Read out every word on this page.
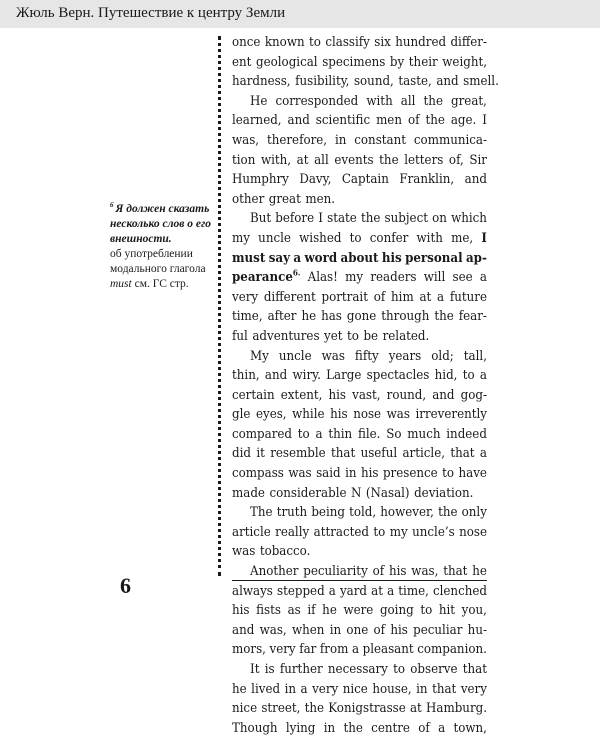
Жюль Верн. Путешествие к центру Земли
$^6$ Я должен сказать несколько слов о его внешности.
об употреблении модального глагола must см. ГС стр.
once known to classify six hundred differ-
ent geological specimens by their weight,
hardness, fusibility, sound, taste, and smell.
He corresponded with all the great,
learned, and scientific men of the age. I
was, therefore, in constant communica-
tion with, at all events the letters of, Sir
Humphry Davy, Captain Franklin, and
other great men.
But before I state the subject on which
my uncle wished to confer with me, I
must say a word about his personal ap-
pearance$^{6.}$ Alas! my readers will see a
very different portrait of him at a future
time, after he has gone through the fear-
ful adventures yet to be related.
My uncle was fifty years old; tall,
thin, and wiry. Large spectacles hid, to a
certain extent, his vast, round, and gog-
gle eyes, while his nose was irreverently
compared to a thin file. So much indeed
did it resemble that useful article, that a
compass was said in his presence to have
made considerable N (Nasal) deviation.
The truth being told, however, the only
article really attracted to my uncle’s nose
was tobacco.
Another peculiarity of his was, that he
always stepped a yard at a time, clenched
his fists as if he were going to hit you,
and was, when in one of his peculiar hu-
mors, very far from a pleasant companion.
It is further necessary to observe that
he lived in a very nice house, in that very
nice street, the Konigstrasse at Hamburg.
Though lying in the centre of a town,
6
